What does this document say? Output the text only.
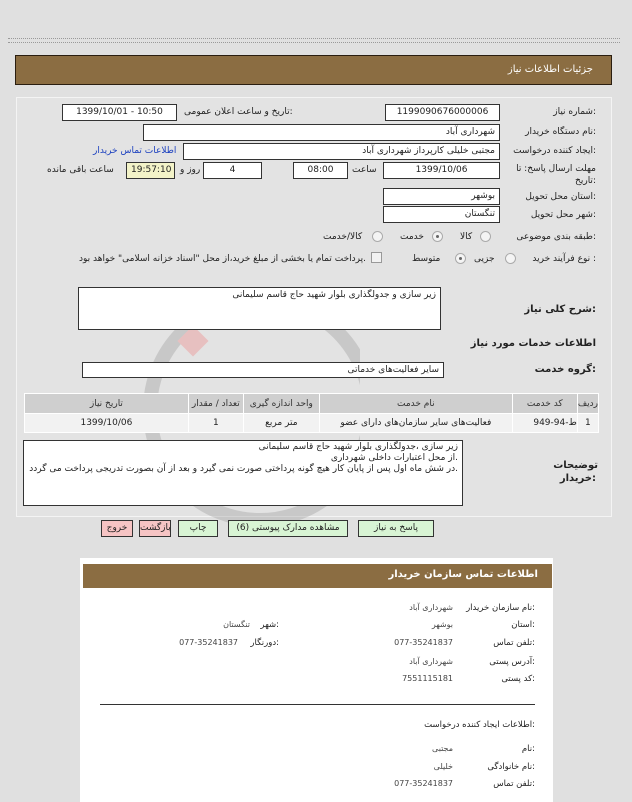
جزئیات اطلاعات نیاز
شماره نیاز:
1199090676000006
تاریخ و ساعت اعلان عمومی:
1399/10/01 - 10:50
نام دستگاه خریدار:
شهرداری آباد
ایجاد کننده درخواست:
مجتبی خلیلی کارپرداز شهرداری آباد
اطلاعات تماس خریدار
مهلت ارسال پاسخ: تا
تاریخ:
1399/10/06
ساعت
08:00
4
روز و
19:57:10
ساعت باقی مانده
استان محل تحویل:
بوشهر
شهر محل تحویل:
تنگستان
طبقه بندی موضوعی:
کالا
خدمت
کالا/خدمت
نوع فرآیند خرید :
جزیی
متوسط
پرداخت تمام یا بخشی از مبلغ خرید،از محل "اسناد خزانه اسلامی" خواهد بود.
شرح کلی نیاز:
زیر سازی و جدولگذاری بلوار شهید حاج قاسم سلیمانی
اطلاعات خدمات مورد نیاز
گروه خدمت:
سایر فعالیت‌های خدماتی
ردیف	کد خدمت	نام خدمت	واحد اندازه گیری	تعداد / مقدار	تاریخ نیاز
1	ط-94-949	فعالیت‌های سایر سازمان‌های دارای عضو	متر مربع	1	1399/10/06
توضیحات
خریدار:
زیر سازی ،جدولگذاری بلوار شهید حاج قاسم سلیمانی
از محل اعتبارات داخلی شهرداری.
در شش ماه اول پس از پایان کار هیچ گونه پرداختی صورت نمی گیرد و بعد از آن بصورت تدریجی پرداخت می گردد.
پاسخ به نیاز
مشاهده مدارک پیوستی (6)
چاپ
بازگشت
خروج
اطلاعات تماس سازمان خریدار
نام سازمان خریدار:
شهرداری آباد
استان:
بوشهر
شهر:
تنگستان
تلفن تماس:
077-35241837
دورنگار:
077-35241837
آدرس پستی:
شهرداری آباد
کد پستی:
7551115181
اطلاعات ایجاد کننده درخواست:
نام:
مجتبی
نام خانوادگی:
خلیلی
تلفن تماس:
077-35241837
